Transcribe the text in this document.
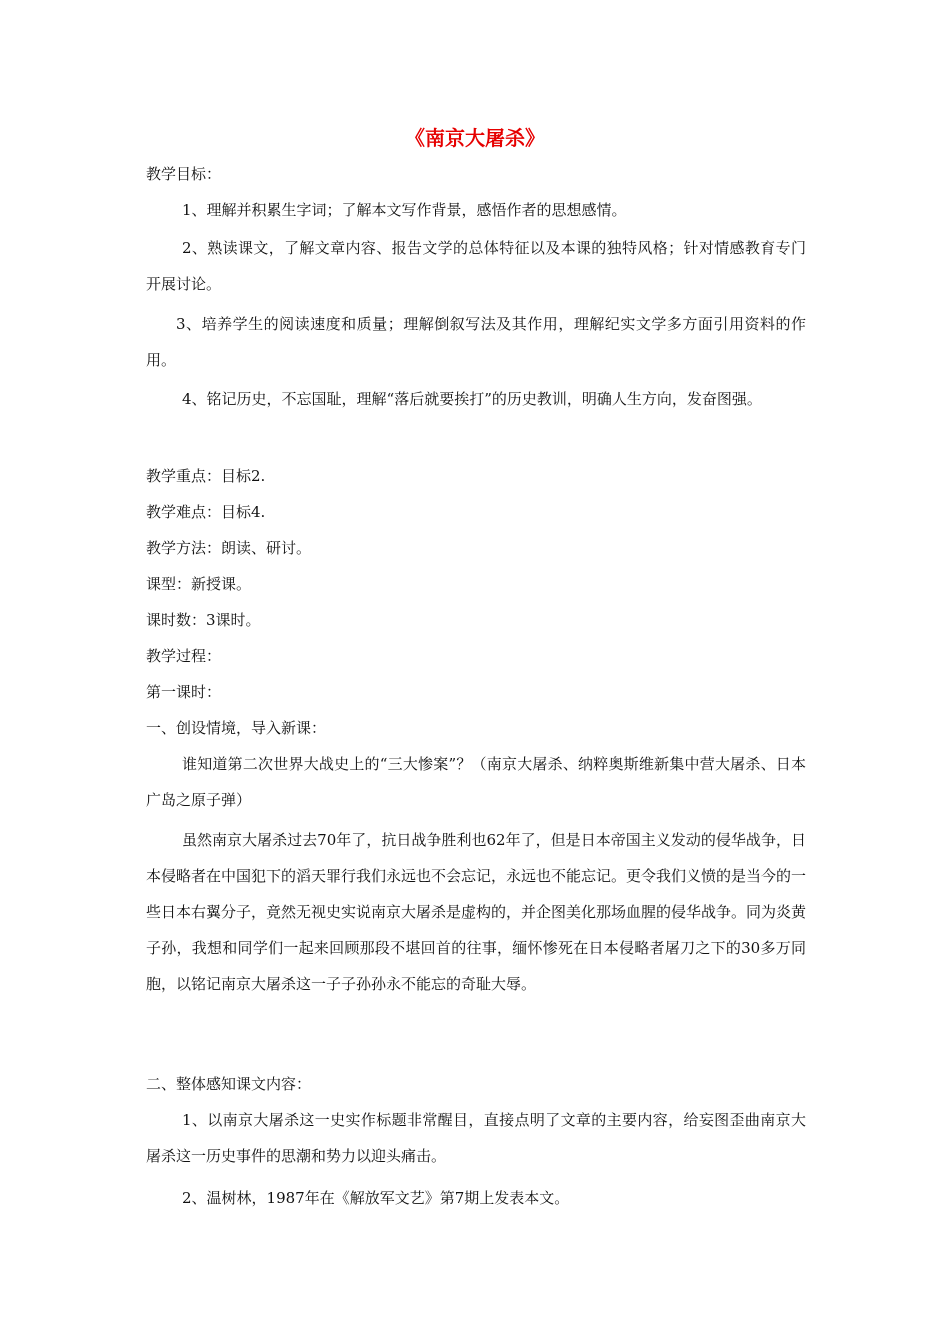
《南京大屠杀》

教学目标：

1、理解并积累生字词；了解本文写作背景，感悟作者的思想感情。

2、熟读课文，了解文章内容、报告文学的总体特征以及本课的独特风格；针对情感教育专门开展讨论。

3、培养学生的阅读速度和质量；理解倒叙写法及其作用，理解纪实文学多方面引用资料的作用。

4、铭记历史，不忘国耻，理解“落后就要挨打”的历史教训，明确人生方向，发奋图强。

教学重点：目标2.

教学难点：目标4.

教学方法：朗读、研讨。

课型：新授课。

课时数：3课时。

教学过程：

第一课时：

一、创设情境，导入新课：

谁知道第二次世界大战史上的“三大惨案”？（南京大屠杀、纳粹奥斯维新集中营大屠杀、日本广岛之原子弹）

虽然南京大屠杀过去70年了，抗日战争胜利也62年了，但是日本帝国主义发动的侵华战争，日本侵略者在中国犯下的滔天罪行我们永远也不会忘记，永远也不能忘记。更令我们义愤的是当今的一些日本右翼分子，竟然无视史实说南京大屠杀是虚构的，并企图美化那场血腥的侵华战争。同为炎黄子孙，我想和同学们一起来回顾那段不堪回首的往事，缅怀惨死在日本侵略者屠刀之下的30多万同胞，以铭记南京大屠杀这一子子孙孙永不能忘的奇耻大辱。

二、整体感知课文内容：

1、以南京大屠杀这一史实作标题非常醒目，直接点明了文章的主要内容，给妄图歪曲南京大屠杀这一历史事件的思潮和势力以迎头痛击。

2、温树林，1987年在《解放军文艺》第7期上发表本文。
